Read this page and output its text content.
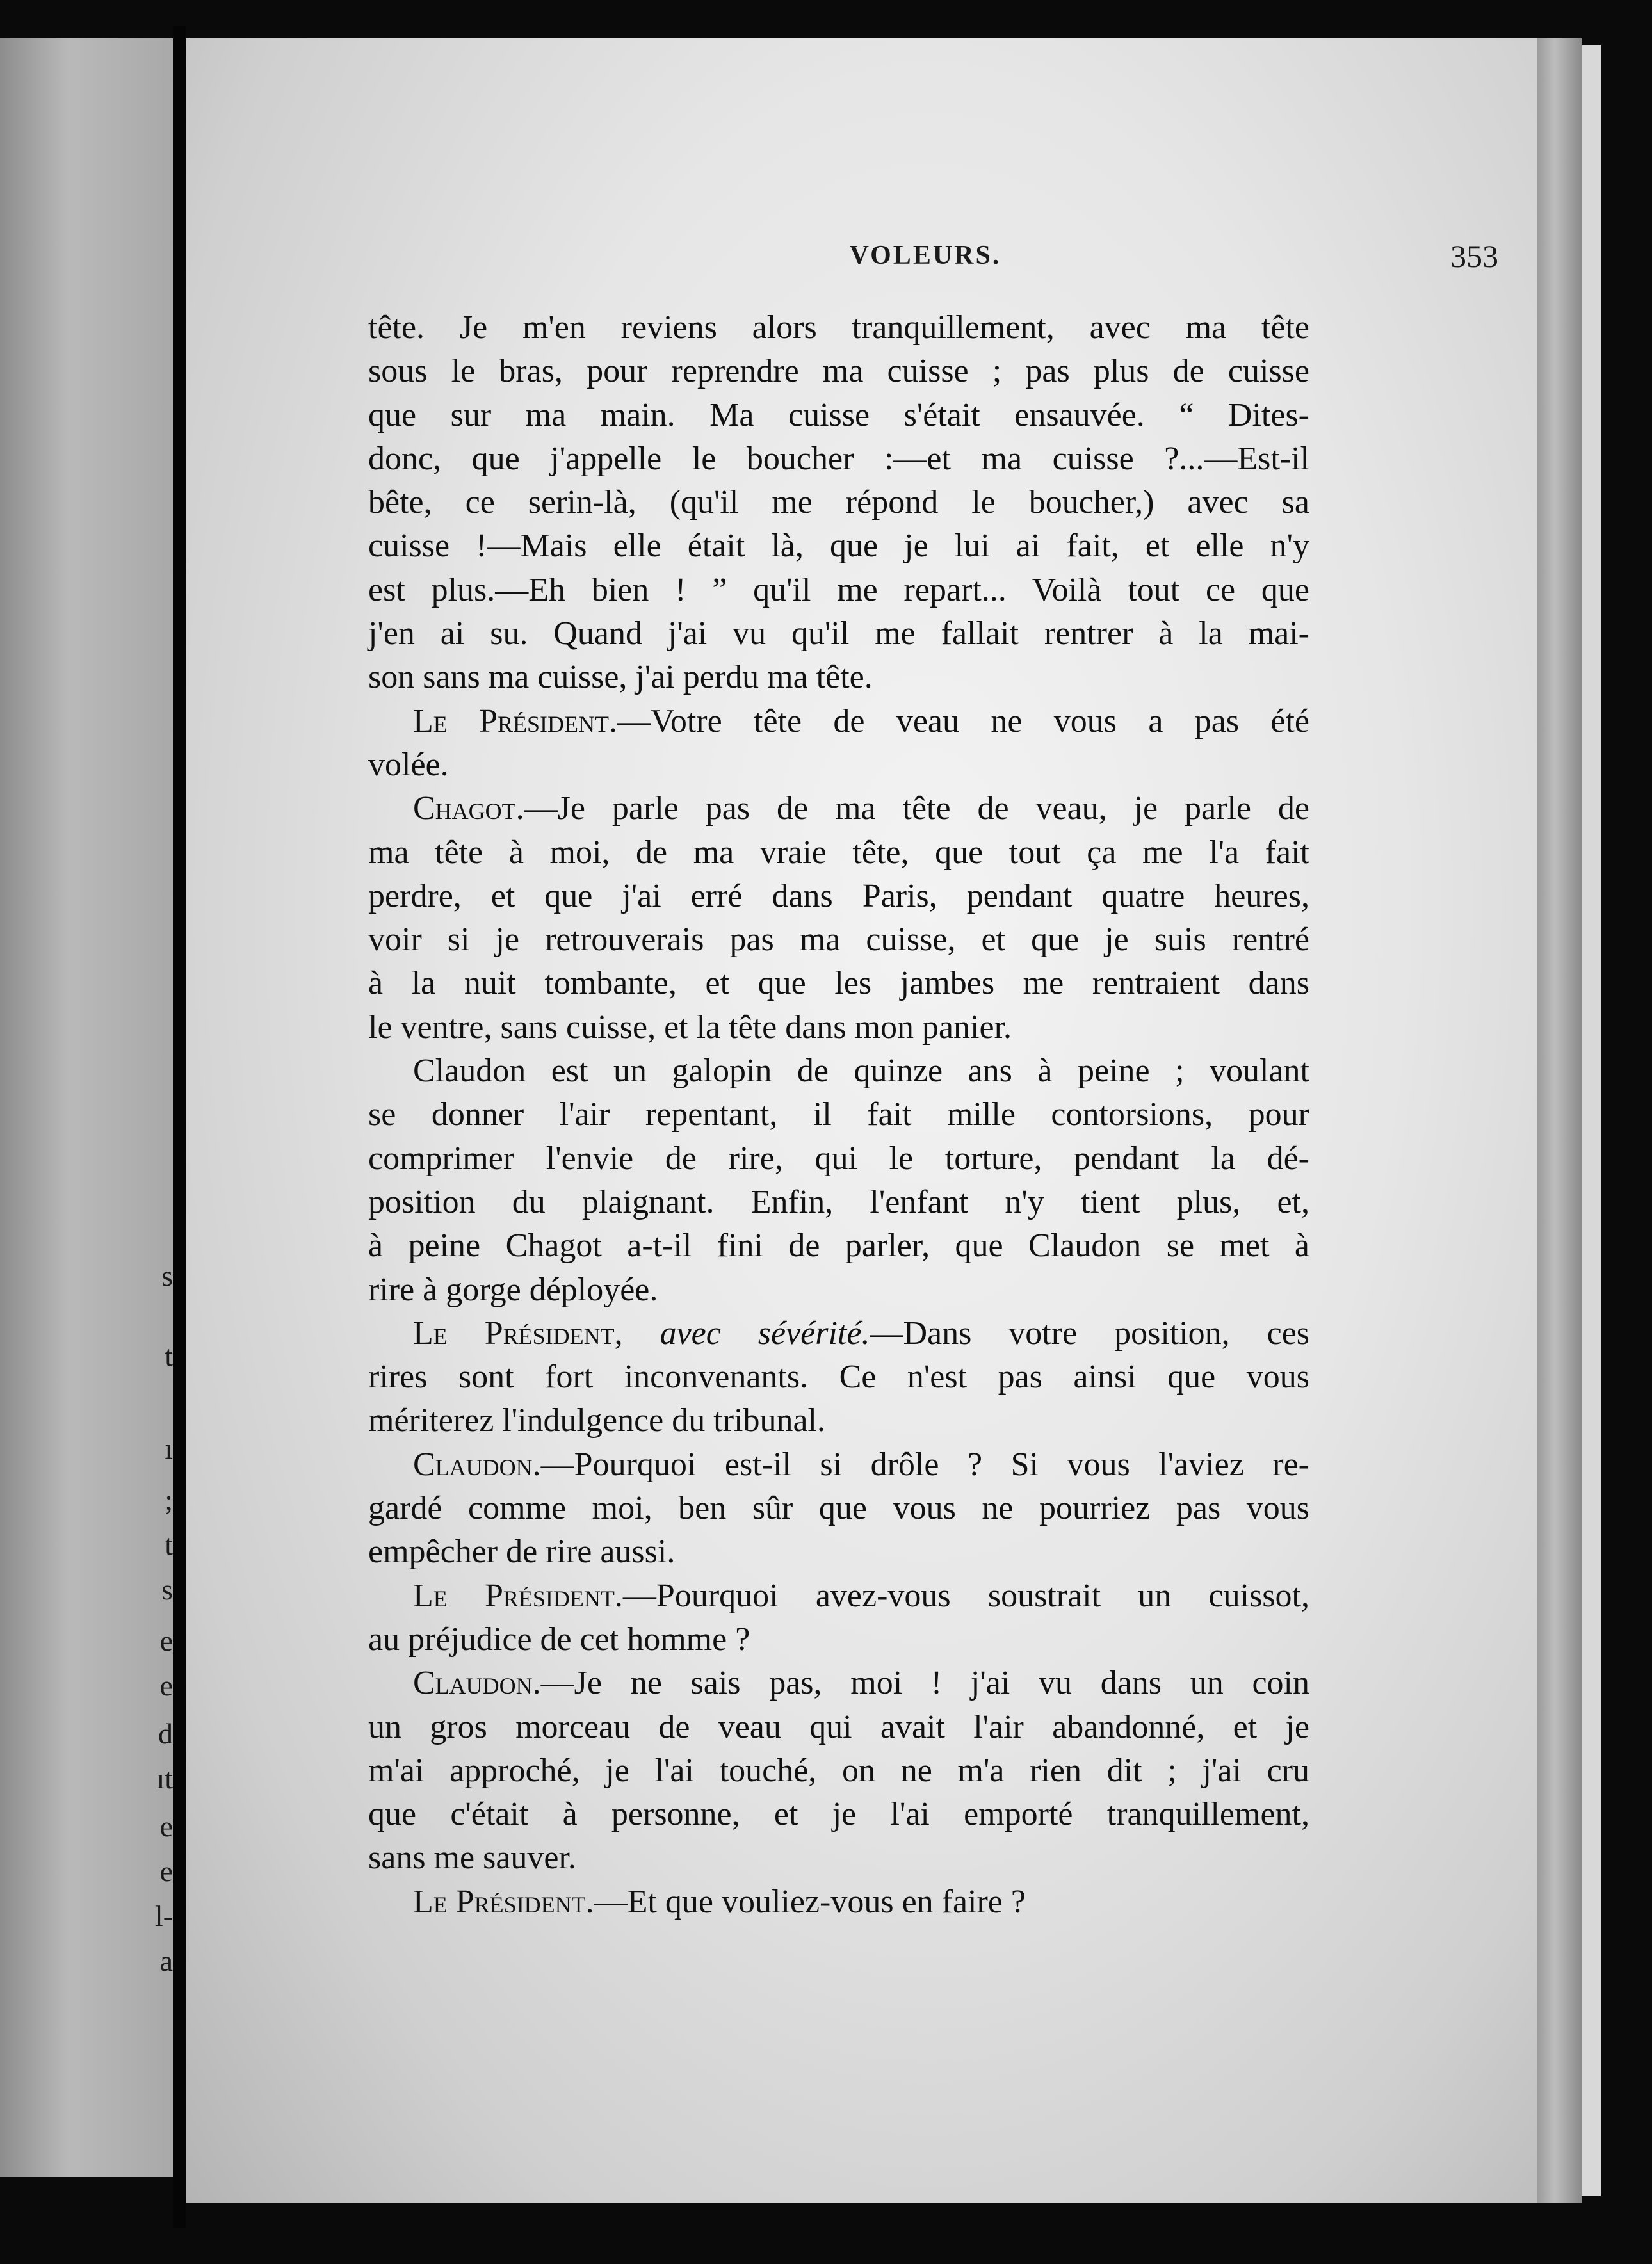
s
t
ı
;
t
s
e
e
d
ıt
e
e
l-
a
VOLEURS.	353
tête. Je m'en reviens alors tranquillement, avec ma tête
sous le bras, pour reprendre ma cuisse ; pas plus de cuisse
que sur ma main. Ma cuisse s'était ensauvée. “ Dites-
donc, que j'appelle le boucher :—et ma cuisse ?...—Est-il
bête, ce serin-là, (qu'il me répond le boucher,) avec sa
cuisse !—Mais elle était là, que je lui ai fait, et elle n'y
est plus.—Eh bien ! ” qu'il me repart... Voilà tout ce que
j'en ai su. Quand j'ai vu qu'il me fallait rentrer à la mai-
son sans ma cuisse, j'ai perdu ma tête.
Le Président.—Votre tête de veau ne vous a pas été
volée.
Chagot.—Je parle pas de ma tête de veau, je parle de
ma tête à moi, de ma vraie tête, que tout ça me l'a fait
perdre, et que j'ai erré dans Paris, pendant quatre heures,
voir si je retrouverais pas ma cuisse, et que je suis rentré
à la nuit tombante, et que les jambes me rentraient dans
le ventre, sans cuisse, et la tête dans mon panier.
Claudon est un galopin de quinze ans à peine ; voulant
se donner l'air repentant, il fait mille contorsions, pour
comprimer l'envie de rire, qui le torture, pendant la dé-
position du plaignant. Enfin, l'enfant n'y tient plus, et,
à peine Chagot a-t-il fini de parler, que Claudon se met à
rire à gorge déployée.
Le Président, avec sévérité.—Dans votre position, ces
rires sont fort inconvenants. Ce n'est pas ainsi que vous
mériterez l'indulgence du tribunal.
Claudon.—Pourquoi est-il si drôle ? Si vous l'aviez re-
gardé comme moi, ben sûr que vous ne pourriez pas vous
empêcher de rire aussi.
Le Président.—Pourquoi avez-vous soustrait un cuissot,
au préjudice de cet homme ?
Claudon.—Je ne sais pas, moi ! j'ai vu dans un coin
un gros morceau de veau qui avait l'air abandonné, et je
m'ai approché, je l'ai touché, on ne m'a rien dit ; j'ai cru
que c'était à personne, et je l'ai emporté tranquillement,
sans me sauver.
Le Président.—Et que vouliez-vous en faire ?
